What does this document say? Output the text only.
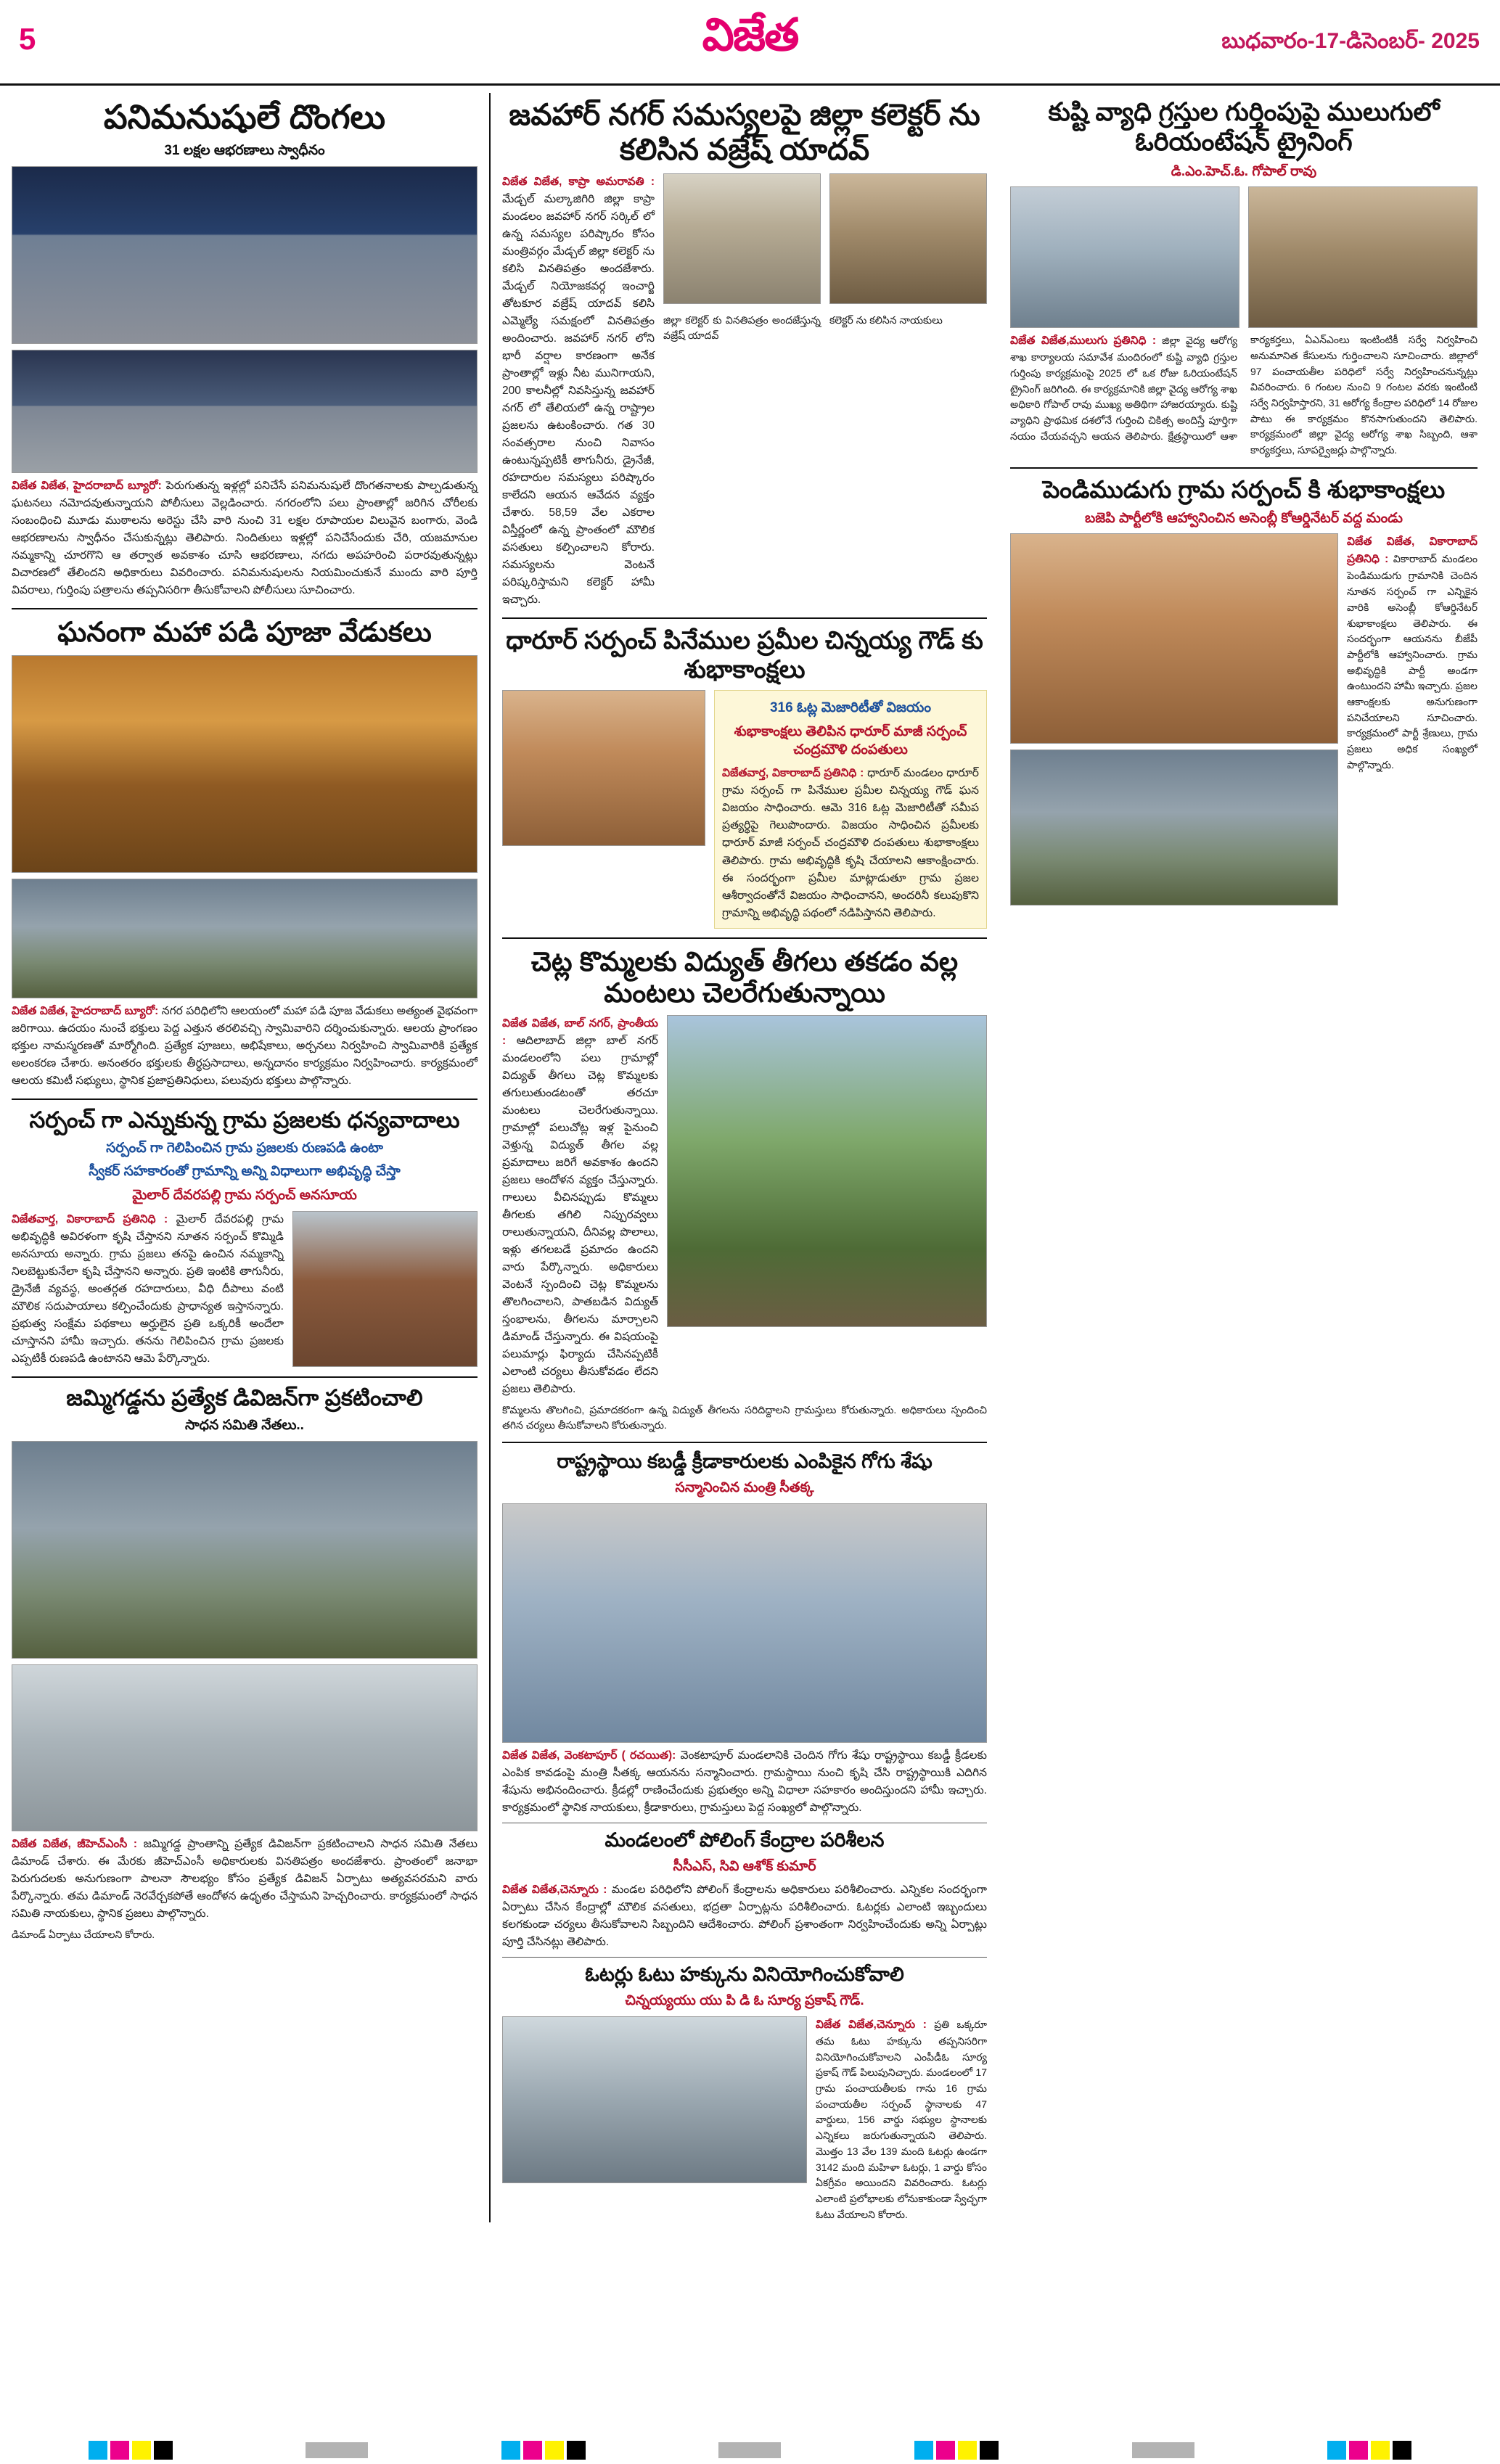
5	విజేత	బుధవారం-17-డిసెంబర్- 2025
పనిమనుషులే దొంగలు
31 లక్షల ఆభరణాలు స్వాధీనం
విజేత విజేత, హైదరాబాద్ బ్యూరో: పెరుగుతున్న ఇళ్లల్లో పనిచేసే పనిమనుషులే దొంగతనాలకు పాల్పడుతున్న ఘటనలు నమోదవుతున్నాయని పోలీసులు వెల్లడించారు. నగరంలోని పలు ప్రాంతాల్లో జరిగిన చోరీలకు సంబంధించి మూడు ముఠాలను అరెస్టు చేసి వారి నుంచి 31 లక్షల రూపాయల విలువైన బంగారు, వెండి ఆభరణాలను స్వాధీనం చేసుకున్నట్లు తెలిపారు. నిందితులు ఇళ్లల్లో పనిచేసేందుకు చేరి, యజమానుల నమ్మకాన్ని చూరగొని ఆ తర్వాత అవకాశం చూసి ఆభరణాలు, నగదు అపహరించి పరారవుతున్నట్లు విచారణలో తేలిందని అధికారులు వివరించారు. పనిమనుషులను నియమించుకునే ముందు వారి పూర్తి వివరాలు, గుర్తింపు పత్రాలను తప్పనిసరిగా తీసుకోవాలని పోలీసులు సూచించారు.
ఘనంగా మహా పడి పూజా వేడుకలు
విజేత విజేత, హైదరాబాద్ బ్యూరో: నగర పరిధిలోని ఆలయంలో మహా పడి పూజ వేడుకలు అత్యంత వైభవంగా జరిగాయి. ఉదయం నుంచే భక్తులు పెద్ద ఎత్తున తరలివచ్చి స్వామివారిని దర్శించుకున్నారు. ఆలయ ప్రాంగణం భక్తుల నామస్మరణతో మార్మోగింది. ప్రత్యేక పూజలు, అభిషేకాలు, అర్చనలు నిర్వహించి స్వామివారికి ప్రత్యేక అలంకరణ చేశారు. అనంతరం భక్తులకు తీర్థప్రసాదాలు, అన్నదానం కార్యక్రమం నిర్వహించారు. కార్యక్రమంలో ఆలయ కమిటీ సభ్యులు, స్థానిక ప్రజాప్రతినిధులు, పలువురు భక్తులు పాల్గొన్నారు.
సర్పంచ్ గా ఎన్నుకున్న గ్రామ ప్రజలకు ధన్యవాదాలు
సర్పంచ్ గా గెలిపించిన గ్రామ ప్రజలకు రుణపడి ఉంటా
స్వీకర్ సహకారంతో గ్రామాన్ని అన్ని విధాలుగా అభివృద్ధి చేస్తా
మైలార్ దేవరపల్లి గ్రామ సర్పంచ్ అనసూయ
విజేతవార్త, వికారాబాద్ ప్రతినిధి : మైలార్ దేవరపల్లి గ్రామ అభివృద్ధికి అవిరళంగా కృషి చేస్తానని నూతన సర్పంచ్ కొమ్మిడి అనసూయ అన్నారు. గ్రామ ప్రజలు తనపై ఉంచిన నమ్మకాన్ని నిలబెట్టుకునేలా కృషి చేస్తానని అన్నారు. ప్రతి ఇంటికి తాగునీరు, డ్రైనేజీ వ్యవస్థ, అంతర్గత రహదారులు, వీధి దీపాలు వంటి మౌలిక సదుపాయాలు కల్పించేందుకు ప్రాధాన్యత ఇస్తానన్నారు. ప్రభుత్వ సంక్షేమ పథకాలు అర్హులైన ప్రతి ఒక్కరికీ అందేలా చూస్తానని హామీ ఇచ్చారు. తనను గెలిపించిన గ్రామ ప్రజలకు ఎప్పటికీ రుణపడి ఉంటానని ఆమె పేర్కొన్నారు.
జమ్మిగడ్డను ప్రత్యేక డివిజన్‌గా ప్రకటించాలి
సాధన సమితి నేతలు..
విజేత విజేత, జీహెచ్ఎంసీ : జమ్మిగడ్డ ప్రాంతాన్ని ప్రత్యేక డివిజన్‌గా ప్రకటించాలని సాధన సమితి నేతలు డిమాండ్ చేశారు. ఈ మేరకు జీహెచ్ఎంసీ అధికారులకు వినతిపత్రం అందజేశారు. ప్రాంతంలో జనాభా పెరుగుదలకు అనుగుణంగా పాలనా సౌలభ్యం కోసం ప్రత్యేక డివిజన్ ఏర్పాటు అత్యవసరమని వారు పేర్కొన్నారు. తమ డిమాండ్ నెరవేర్చకపోతే ఆందోళన ఉధృతం చేస్తామని హెచ్చరించారు. కార్యక్రమంలో సాధన సమితి నాయకులు, స్థానిక ప్రజలు పాల్గొన్నారు.
డిమాండ్ ఏర్పాటు చేయాలని కోరారు.
జవహార్ నగర్ సమస్యలపై జిల్లా కలెక్టర్ ను కలిసిన వజ్రేష్ యాదవ్
విజేత విజేత, కాప్రా అమరావతి : మేడ్చల్ మల్కాజిగిరి జిల్లా కాప్రా మండలం జవహార్ నగర్ సర్కిల్ లో ఉన్న సమస్యల పరిష్కారం కోసం మంత్రివర్గం మేడ్చల్ జిల్లా కలెక్టర్ ను కలిసి వినతిపత్రం అందజేశారు. మేడ్చల్ నియోజకవర్గ ఇంచార్జి తోటకూర వజ్రేష్ యాదవ్ కలిసి ఎమ్మెల్యే సమక్షంలో వినతిపత్రం అందించారు. జవహార్ నగర్ లోని భారీ వర్షాల కారణంగా అనేక ప్రాంతాల్లో ఇళ్లు నీట మునిగాయని, 200 కాలనీల్లో నివసిస్తున్న జవహార్ నగర్ లో తేలియలో ఉన్న రాష్ట్రాల ప్రజలను ఉటంకించారు. గత 30 సంవత్సరాల నుంచి నివాసం ఉంటున్నప్పటికీ తాగునీరు, డ్రైనేజీ, రహదారుల సమస్యలు పరిష్కారం కాలేదని ఆయన ఆవేదన వ్యక్తం చేశారు. 58,59 వేల ఎకరాల విస్తీర్ణంలో ఉన్న ప్రాంతంలో మౌలిక వసతులు కల్పించాలని కోరారు. సమస్యలను వెంటనే పరిష్కరిస్తామని కలెక్టర్ హామీ ఇచ్చారు.
జిల్లా కలెక్టర్ కు వినతిపత్రం అందజేస్తున్న వజ్రేష్ యాదవ్
కలెక్టర్ ను కలిసిన నాయకులు
ధారూర్ సర్పంచ్ పినేముల ప్రమీల చిన్నయ్య గౌడ్ కు శుభాకాంక్షలు
316 ఓట్ల మెజారిటీతో విజయం
శుభాకాంక్షలు తెలిపిన ధారూర్ మాజీ సర్పంచ్ చంద్రమౌళి దంపతులు
విజేతవార్త, వికారాబాద్ ప్రతినిధి : ధారూర్ మండలం ధారూర్ గ్రామ సర్పంచ్ గా పినేముల ప్రమీల చిన్నయ్య గౌడ్ ఘన విజయం సాధించారు. ఆమె 316 ఓట్ల మెజారిటీతో సమీప ప్రత్యర్థిపై గెలుపొందారు. విజయం సాధించిన ప్రమీలకు ధారూర్ మాజీ సర్పంచ్ చంద్రమౌళి దంపతులు శుభాకాంక్షలు తెలిపారు. గ్రామ అభివృద్ధికి కృషి చేయాలని ఆకాంక్షించారు. ఈ సందర్భంగా ప్రమీల మాట్లాడుతూ గ్రామ ప్రజల ఆశీర్వాదంతోనే విజయం సాధించానని, అందరినీ కలుపుకొని గ్రామాన్ని అభివృద్ధి పథంలో నడిపిస్తానని తెలిపారు.
చెట్ల కొమ్మలకు విద్యుత్ తీగలు తకడం వల్ల మంటలు చెలరేగుతున్నాయి
విజేత విజేత, బాల్ నగర్, ప్రాంతీయ : ఆదిలాబాద్ జిల్లా బాల్ నగర్ మండలంలోని పలు గ్రామాల్లో విద్యుత్ తీగలు చెట్ల కొమ్మలకు తగులుతుండటంతో తరచూ మంటలు చెలరేగుతున్నాయి. గ్రామాల్లో పలుచోట్ల ఇళ్ల పైనుంచి వెళ్తున్న విద్యుత్ తీగల వల్ల ప్రమాదాలు జరిగే అవకాశం ఉందని ప్రజలు ఆందోళన వ్యక్తం చేస్తున్నారు. గాలులు వీచినప్పుడు కొమ్మలు తీగలకు తగిలి నిప్పురవ్వలు రాలుతున్నాయని, దీనివల్ల పొలాలు, ఇళ్లు తగలబడే ప్రమాదం ఉందని వారు పేర్కొన్నారు. అధికారులు వెంటనే స్పందించి చెట్ల కొమ్మలను తొలగించాలని, పాతబడిన విద్యుత్ స్తంభాలను, తీగలను మార్చాలని డిమాండ్ చేస్తున్నారు. ఈ విషయంపై పలుమార్లు ఫిర్యాదు చేసినప్పటికీ ఎలాంటి చర్యలు తీసుకోవడం లేదని ప్రజలు తెలిపారు.
కొమ్మలను తొలగించి, ప్రమాదకరంగా ఉన్న విద్యుత్ తీగలను సరిదిద్దాలని గ్రామస్తులు కోరుతున్నారు. అధికారులు స్పందించి తగిన చర్యలు తీసుకోవాలని కోరుతున్నారు.
రాష్ట్రస్థాయి కబడ్డీ క్రీడాకారులకు ఎంపికైన గోగు శేషు
సన్మానించిన మంత్రి సీతక్క
విజేత విజేత, వెంకటాపూర్ ( రచయిత): వెంకటాపూర్ మండలానికి చెందిన గోగు శేషు రాష్ట్రస్థాయి కబడ్డీ క్రీడలకు ఎంపిక కావడంపై మంత్రి సీతక్క ఆయనను సన్మానించారు. గ్రామస్థాయి నుంచి కృషి చేసి రాష్ట్రస్థాయికి ఎదిగిన శేషును అభినందించారు. క్రీడల్లో రాణించేందుకు ప్రభుత్వం అన్ని విధాలా సహకారం అందిస్తుందని హామీ ఇచ్చారు. కార్యక్రమంలో స్థానిక నాయకులు, క్రీడాకారులు, గ్రామస్తులు పెద్ద సంఖ్యలో పాల్గొన్నారు.
మండలంలో పోలింగ్ కేంద్రాల పరిశీలన
సీసీఎస్, సివి ఆశోక్ కుమార్
విజేత విజేత,చెన్నూరు : మండల పరిధిలోని పోలింగ్ కేంద్రాలను అధికారులు పరిశీలించారు. ఎన్నికల సందర్భంగా ఏర్పాటు చేసిన కేంద్రాల్లో మౌలిక వసతులు, భద్రతా ఏర్పాట్లను పరిశీలించారు. ఓటర్లకు ఎలాంటి ఇబ్బందులు కలగకుండా చర్యలు తీసుకోవాలని సిబ్బందిని ఆదేశించారు. పోలింగ్ ప్రశాంతంగా నిర్వహించేందుకు అన్ని ఏర్పాట్లు పూర్తి చేసినట్లు తెలిపారు.
ఓటర్లు ఓటు హక్కును వినియోగించుకోవాలి
చిన్నయ్యయు యు పి డి ఓ సూర్య ప్రకాష్ గౌడ్.
విజేత విజేత,చెన్నూరు : ప్రతి ఒక్కరూ తమ ఓటు హక్కును తప్పనిసరిగా వినియోగించుకోవాలని ఎంపీడీఓ సూర్య ప్రకాష్ గౌడ్ పిలుపునిచ్చారు. మండలంలో 17 గ్రామ పంచాయతీలకు గాను 16 గ్రామ పంచాయతీల సర్పంచ్ స్థానాలకు 47 వార్డులు, 156 వార్డు సభ్యుల స్థానాలకు ఎన్నికలు జరుగుతున్నాయని తెలిపారు. మొత్తం 13 వేల 139 మంది ఓటర్లు ఉండగా 3142 మంది మహిళా ఓటర్లు, 1 వార్డు కోసం ఏకగ్రీవం అయిందని వివరించారు. ఓటర్లు ఎలాంటి ప్రలోభాలకు లోనుకాకుండా స్వేచ్ఛగా ఓటు వేయాలని కోరారు.
కుష్టి వ్యాధి గ్రస్తుల గుర్తింపుపై ములుగులో ఓరియంటేషన్ ట్రైనింగ్
డి.ఎం.హెచ్.ఓ. గోపాల్ రావు
విజేత విజేత,ములుగు ప్రతినిధి : జిల్లా వైద్య ఆరోగ్య శాఖ కార్యాలయ సమావేశ మందిరంలో కుష్టి వ్యాధి గ్రస్తుల గుర్తింపు కార్యక్రమంపై 2025 లో ఒక రోజు ఓరియంటేషన్ ట్రైనింగ్ జరిగింది. ఈ కార్యక్రమానికి జిల్లా వైద్య ఆరోగ్య శాఖ అధికారి గోపాల్ రావు ముఖ్య అతిథిగా హాజరయ్యారు. కుష్టి వ్యాధిని ప్రాథమిక దశలోనే గుర్తించి చికిత్స అందిస్తే పూర్తిగా నయం చేయవచ్చని ఆయన తెలిపారు. క్షేత్రస్థాయిలో ఆశా కార్యకర్తలు, ఏఎన్ఎంలు ఇంటింటికీ సర్వే నిర్వహించి అనుమానిత కేసులను గుర్తించాలని సూచించారు. జిల్లాలో 97 పంచాయతీల పరిధిలో సర్వే నిర్వహించనున్నట్లు వివరించారు. 6 గంటల నుంచి 9 గంటల వరకు ఇంటింటి సర్వే నిర్వహిస్తారని, 31 ఆరోగ్య కేంద్రాల పరిధిలో 14 రోజుల పాటు ఈ కార్యక్రమం కొనసాగుతుందని తెలిపారు. కార్యక్రమంలో జిల్లా వైద్య ఆరోగ్య శాఖ సిబ్బంది, ఆశా కార్యకర్తలు, సూపర్వైజర్లు పాల్గొన్నారు.
పెండిముడుగు గ్రామ సర్పంచ్ కి శుభాకాంక్షలు
బజెపి పార్టీలోకి ఆహ్వానించిన అసెంబ్లీ కోఆర్డినేటర్ వద్ద మండు
విజేత విజేత, వికారాబాద్ ప్రతినిధి : వికారాబాద్ మండలం పెండిముడుగు గ్రామానికి చెందిన నూతన సర్పంచ్ గా ఎన్నికైన వారికి అసెంబ్లీ కోఆర్డినేటర్ శుభాకాంక్షలు తెలిపారు. ఈ సందర్భంగా ఆయనను బీజేపీ పార్టీలోకి ఆహ్వానించారు. గ్రామ అభివృద్ధికి పార్టీ అండగా ఉంటుందని హామీ ఇచ్చారు. ప్రజల ఆకాంక్షలకు అనుగుణంగా పనిచేయాలని సూచించారు. కార్యక్రమంలో పార్టీ శ్రేణులు, గ్రామ ప్రజలు అధిక సంఖ్యలో పాల్గొన్నారు.
